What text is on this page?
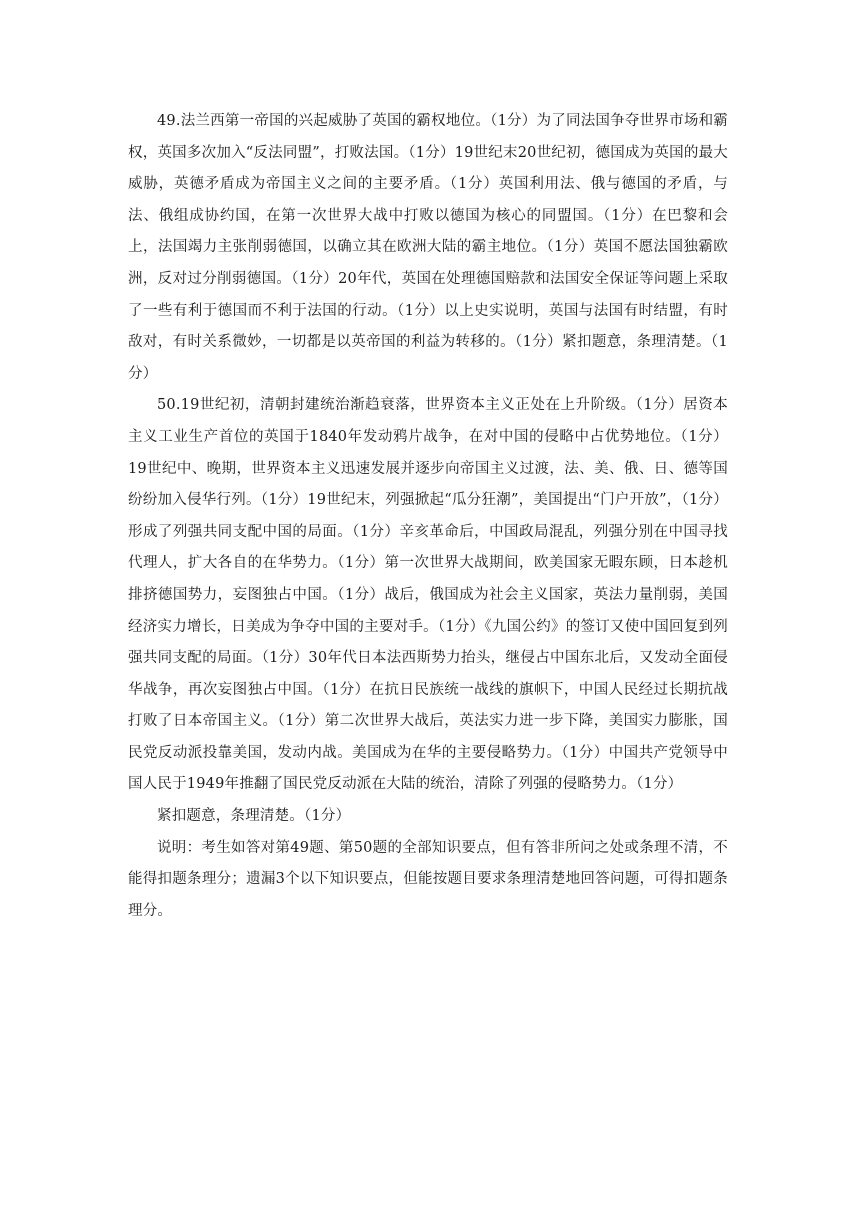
49.法兰西第一帝国的兴起威胁了英国的霸权地位。（1分）为了同法国争夺世界市场和霸权，英国多次加入“反法同盟”，打败法国。（1分）19世纪末20世纪初，德国成为英国的最大威胁，英德矛盾成为帝国主义之间的主要矛盾。（1分）英国利用法、俄与德国的矛盾，与法、俄组成协约国，在第一次世界大战中打败以德国为核心的同盟国。（1分）在巴黎和会上，法国竭力主张削弱德国，以确立其在欧洲大陆的霸主地位。（1分）英国不愿法国独霸欧洲，反对过分削弱德国。（1分）20年代，英国在处理德国赔款和法国安全保证等问题上采取了一些有利于德国而不利于法国的行动。（1分）以上史实说明，英国与法国有时结盟，有时敌对，有时关系微妙，一切都是以英帝国的利益为转移的。（1分）紧扣题意，条理清楚。（1分）

50.19世纪初，清朝封建统治渐趋衰落，世界资本主义正处在上升阶级。（1分）居资本主义工业生产首位的英国于1840年发动鸦片战争，在对中国的侵略中占优势地位。（1分）19世纪中、晚期，世界资本主义迅速发展并逐步向帝国主义过渡，法、美、俄、日、德等国纷纷加入侵华行列。（1分）19世纪末，列强掀起“瓜分狂潮”，美国提出“门户开放”，（1分）形成了列强共同支配中国的局面。（1分）辛亥革命后，中国政局混乱，列强分别在中国寻找代理人，扩大各自的在华势力。（1分）第一次世界大战期间，欧美国家无暇东顾，日本趁机排挤德国势力，妄图独占中国。（1分）战后，俄国成为社会主义国家，英法力量削弱，美国经济实力增长，日美成为争夺中国的主要对手。（1分）《九国公约》的签订又使中国回复到列强共同支配的局面。（1分）30年代日本法西斯势力抬头，继侵占中国东北后，又发动全面侵华战争，再次妄图独占中国。（1分）在抗日民族统一战线的旗帜下，中国人民经过长期抗战打败了日本帝国主义。（1分）第二次世界大战后，英法实力进一步下降，美国实力膨胀，国民党反动派投靠美国，发动内战。美国成为在华的主要侵略势力。（1分）中国共产党领导中国人民于1949年推翻了国民党反动派在大陆的统治，清除了列强的侵略势力。（1分）

紧扣题意，条理清楚。（1分）

说明：考生如答对第49题、第50题的全部知识要点，但有答非所问之处或条理不清，不能得扣题条理分；遗漏3个以下知识要点，但能按题目要求条理清楚地回答问题，可得扣题条理分。
